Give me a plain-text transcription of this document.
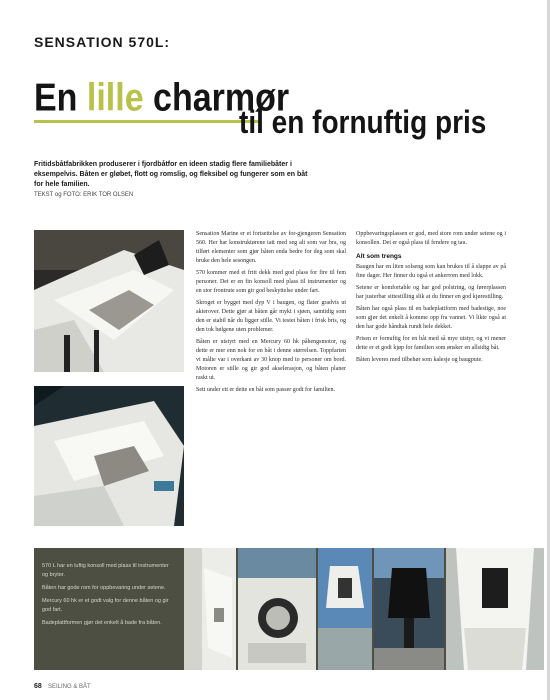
SENSATION 570L:
En lille charmør
til en fornuftig pris
Fritidsbåtfabrikken produserer i fjordbåtfor en ideen stadig flere familiebåter i eksempelvis. Båten er gløbet, flott og romslig, og fleksibel og fungerer som en båt for hele familien.
TEKST og FOTO: ERIK TOR OLSEN

Sensation Marine er et fortsettelse av for-gjengeren Sensation 560. Her har konstruktørene tatt med seg alt som var bra, og tilført elementer som gjør båten enda bedre for deg som skal bruke den hele sesongen.

570 kommer med et fritt dekk med god plass for fire til fem personer. Det er en fin konsoll med plass til instrumenter og en stor frontrute som gir god beskyttelse under fart.

Skroget er bygget med dyp V i baugen, og flater gradvis ut akterover. Dette gjør at båten går mykt i sjøen, samtidig som den er stabil når du ligger stille. Vi testet båten i frisk bris, og den tok bølgene uten problemer.

Båten er utstyrt med en Mercury 60 hk påhengsmotor, og dette er mer enn nok for en båt i denne størrelsen. Toppfarten vi målte var i overkant av 30 knop med to personer om bord. Motoren er stille og gir god akselerasjon, og båten planer raskt ut.

Sett under ett er dette en båt som passer godt for familien.

Oppbevaringsplassen er god, med store rom under setene og i konsollen. Det er også plass til fendere og tau.

Alt som trengs

Baugen har en liten solseng som kan brukes til å slappe av på fine dager. Her finner du også et ankerrom med lokk.

Setene er komfortable og har god polstring, og førerplassen har justerbar sittestilling slik at du finner en god kjørestilling.

Båten har også plass til en badeplattform med badestige, noe som gjør det enkelt å komme opp fra vannet. Vi likte også at den har gode håndtak rundt hele dekket.

Prisen er fornuftig for en båt med så mye utstyr, og vi mener dette er et godt kjøp for familien som ønsker en allsidig båt.

Båten leveres med tilbehør som kalesje og baugpute.

570 L har en luftig konsoll med plass til instrumenter og bryter.
Båten har gode rom for oppbevaring under setene.
Mercury 60 hk er et godt valg for denne båten og gir god fart.
Badeplattformen gjør det enkelt å bade fra båten.
68 SEILING & BÅT
